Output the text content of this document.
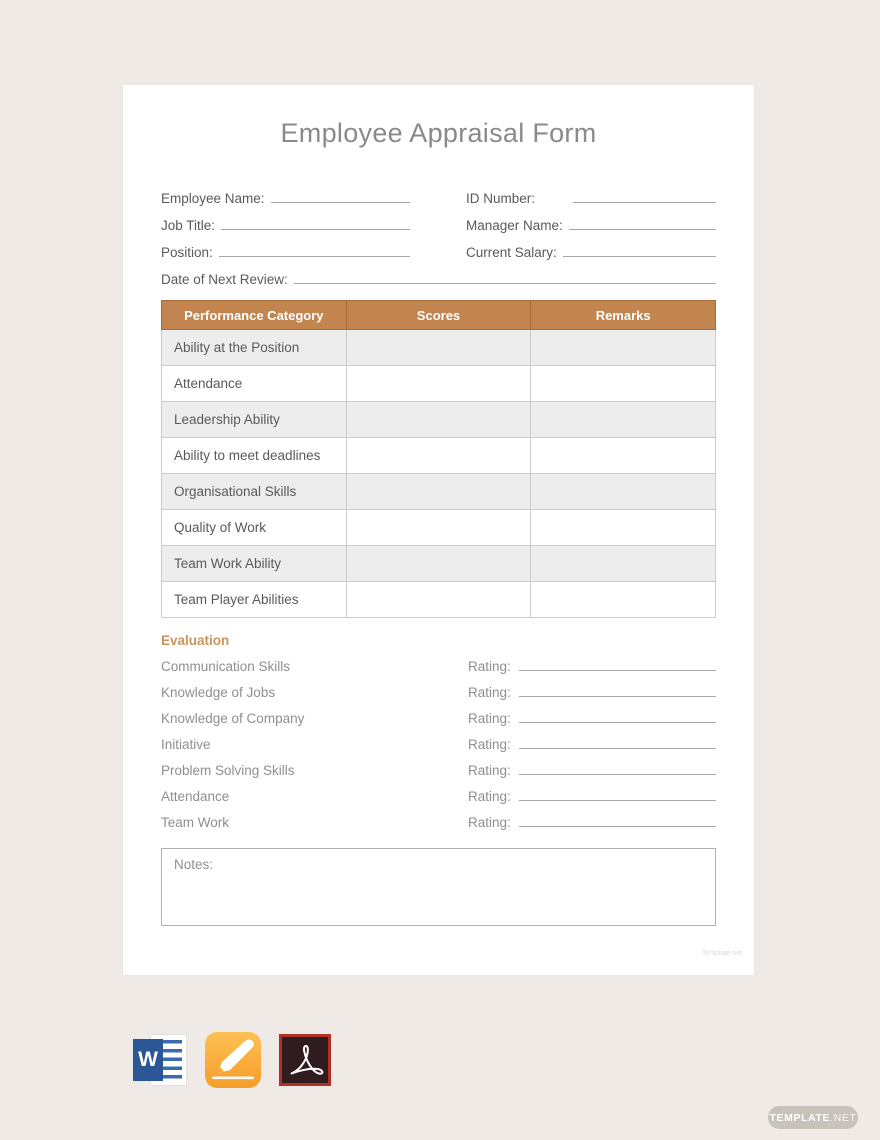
Employee Appraisal Form
Employee Name:	ID Number:
Job Title:	Manager Name:
Position:	Current Salary:
Date of Next Review:
Performance Category	Scores	Remarks
Ability at the Position		
Attendance		
Leadership Ability		
Ability to meet deadlines		
Organisational Skills		
Quality of Work		
Team Work Ability		
Team Player Abilities		
Evaluation
Communication Skills	Rating:
Knowledge of Jobs	Rating:
Knowledge of Company	Rating:
Initiative	Rating:
Problem Solving Skills	Rating:
Attendance	Rating:
Team Work	Rating:
Notes:
Template.net
W
TEMPLATE .NET
